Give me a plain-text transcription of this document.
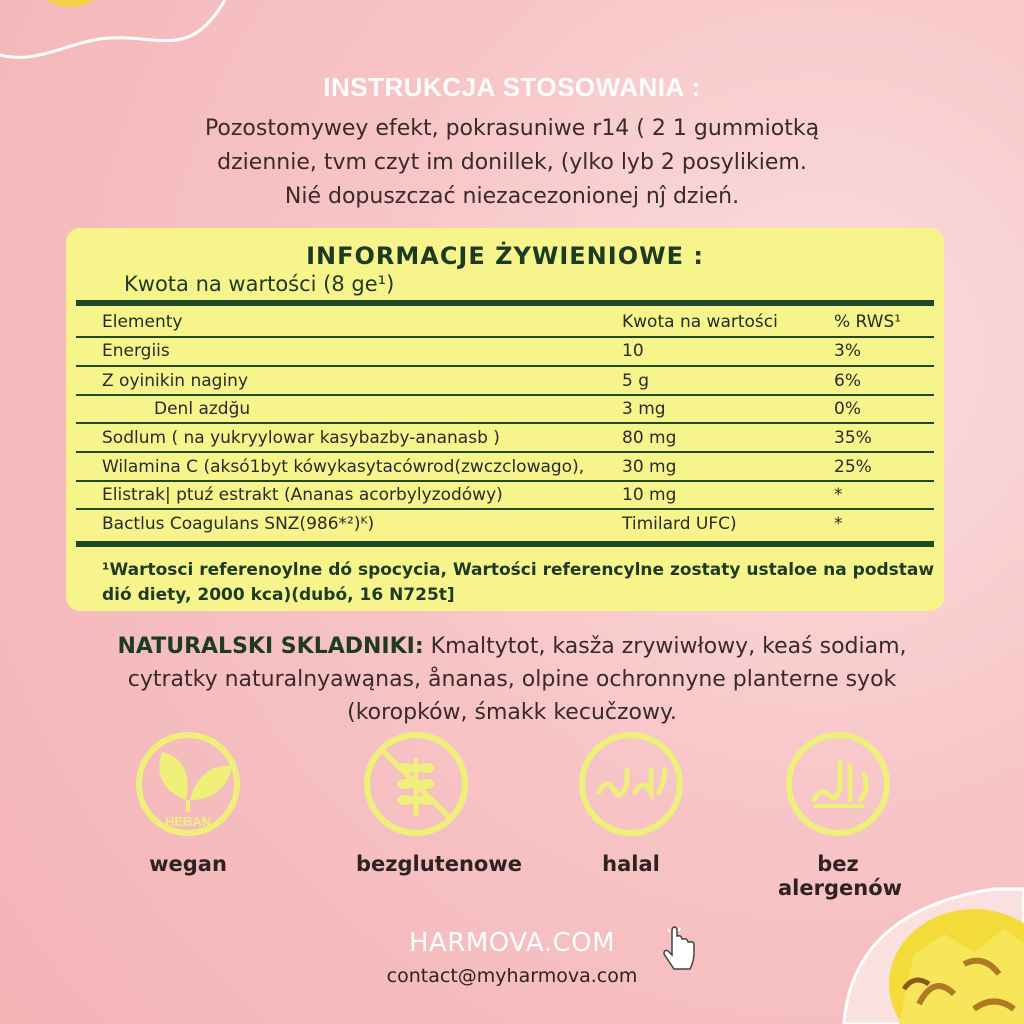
INSTRUKCJA STOSOWANIA :
Pozostomywey efekt, pokrasuniwe r14 ( 2 1 gummiotką
dziennie, tvm czyt im donillek, (ylko lyb 2 posylikiem.
Nié dopuszczać niezacezonionej nĵ dzień.
INFORMACJE ŻYWIENIOWE :
Kwota na wartości (8 ge¹)
Elementy	Kwota na wartości	% RWS¹
Energiis	10	3%
Z oyinikin naginy	5 g	6%
Denl azdğu	3 mg	0%
Sodlum ( na yukryylowar kasybazby-ananasb )	80 mg	35%
Wilamina C (aksó1byt kówykasytacówrod(zwczclowago), 30 mg	25%
Elistrak| ptuź estrakt (Ananas acorbylyzodówy)	10 mg	*
Bactlus Coagulans SNZ(986*²)ᴷ)	Timilard UFC)	*
¹Wartosci referenoylne dó spocycia, Wartości referencylne zostaty ustaloe na podstaw
dió diety, 2000 kca)(dubó, 16 N725t]
NATURALSKI SKLADNIKI: Kmaltytot, kasža zrywiwłowy, keaś sodiam,
cytratky naturalnyawąnas, ånanas, olpine ochronnyne planterne syok
(koropków, śmakk kecučzowy.
HEBAN
wegan	bezglutenowe	halal	bez alergenów
HARMOVA.COM
contact@myharmova.com
